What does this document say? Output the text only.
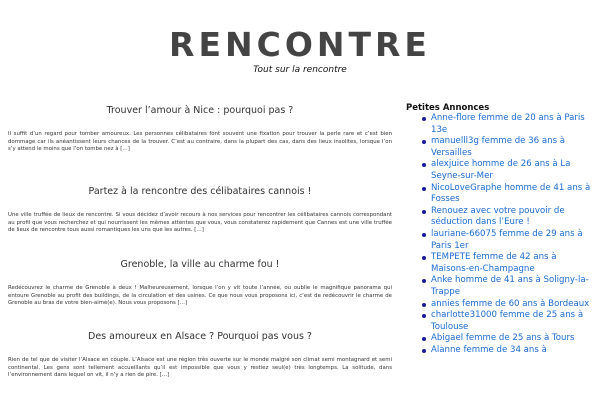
RENCONTRE

Tout sur la rencontre

Trouver l’amour à Nice : pourquoi pas ?

Il suffit d’un regard pour tomber amoureux. Les personnes célibataires font souvent une fixation pour trouver la perle rare et c’est bien dommage car ils anéantissent leurs chances de la trouver. C’est au contraire, dans la plupart des cas, dans des lieux insolites, lorsque l’on s’y attend le moins que l’on tombe nez à […]

Partez à la rencontre des célibataires cannois !

Une ville truffée de lieux de rencontre. Si vous décidez d’avoir recours à nos services pour rencontrer les célibataires cannois correspondant au profil que vous recherchez et qui nourrissent les mêmes attentes que vous, vous constaterez rapidement que Cannes est une ville truffée de lieux de rencontre tous aussi romantiques les uns que les autres. […]

Grenoble, la ville au charme fou !

Redécouvrez le charme de Grenoble à deux ! Malheureusement, lorsque l’on y vit toute l’année, ou oublie le magnifique panorama qui entoure Grenoble au profit des buildings, de la circulation et des usines. Ce que nous vous proposons ici, c’est de redécouvrir le charme de Grenoble au bras de votre bien-aimé(e). Nous vous proposons […]

Des amoureux en Alsace ? Pourquoi pas vous ?

Rien de tel que de visiter l’Alsace en couple. L’Alsace est une région très ouverte sur le monde malgré son climat semi montagnard et semi continental. Les gens sont tellement accueillants qu’il est impossible que vous y restiez seul(e) très longtemps. La solitude, dans l’environnement dans lequel on vit, il n’y a rien de pire. […]

Petites Annonces
Anne-flore femme de 20 ans à Paris 13e
manuelll3g femme de 36 ans à Versailles
alexjuice homme de 26 ans à La Seyne-sur-Mer
NicoLoveGraphe homme de 41 ans à Fosses
Renouez avec votre pouvoir de séduction dans l’Eure !
lauriane-66075 femme de 29 ans à Paris 1er
TEMPETE femme de 42 ans à Maisons-en-Champagne
Anke homme de 41 ans à Soligny-la-Trappe
annies femme de 60 ans à Bordeaux
charlotte31000 femme de 25 ans à Toulouse
Abigael femme de 25 ans à Tours
Alanne femme de 34 ans à
